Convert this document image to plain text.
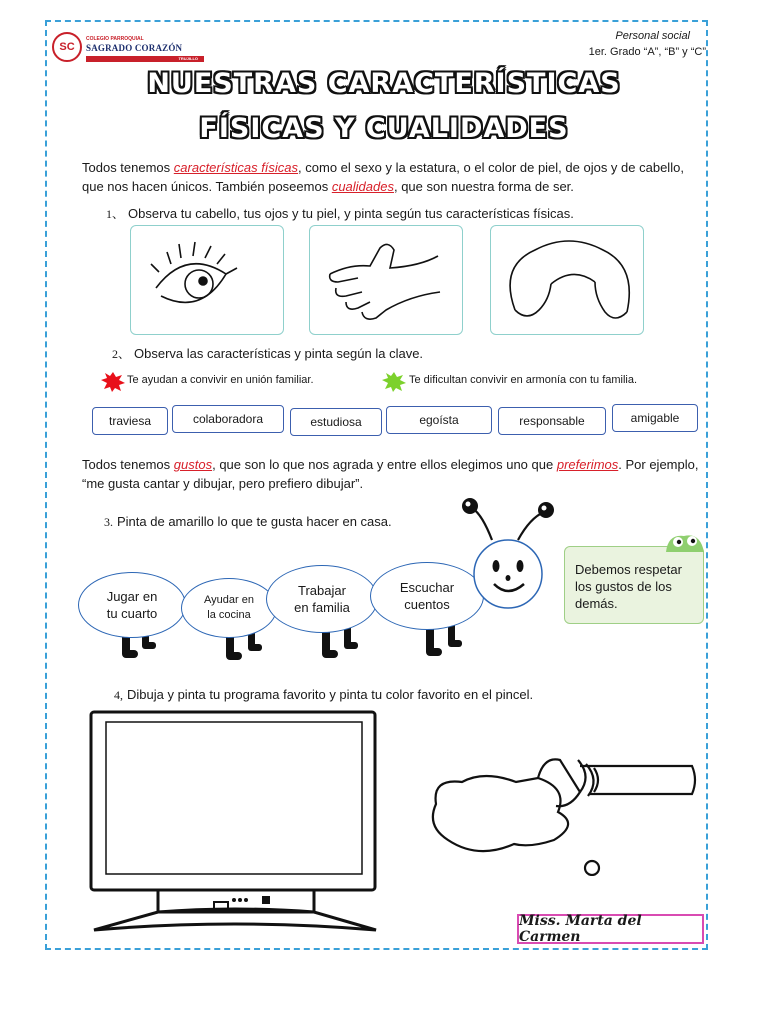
SC
COLEGIO PARROQUIAL
SAGRADO CORAZÓN
TRUJILLO
Personal social
1er. Grado “A”, “B” y “C”
NUESTRAS CARACTERÍSTICAS
FÍSICAS Y CUALIDADES
Todos tenemos características físicas, como el sexo y la estatura, o el color de piel, de ojos y de cabello, que nos hacen únicos. También poseemos cualidades, que son nuestra forma de ser.
1、 Observa tu cabello, tus ojos y tu piel, y pinta según tus características físicas.
2、 Observa las características y pinta según la clave.
Te ayudan a convivir en unión familiar.	Te dificultan convivir en armonía con tu familia.
traviesa	colaboradora	estudiosa	egoísta	responsable	amigable
Todos tenemos gustos, que son lo que nos agrada y entre ellos elegimos uno que preferimos. Por ejemplo, “me gusta cantar y dibujar, pero prefiero dibujar”.
3. Pinta de amarillo lo que te gusta hacer en casa.
Jugar en
tu cuarto
Ayudar en
la cocina
Trabajar
en familia
Escuchar
cuentos
Debemos respetar los gustos de los demás.
4, Dibuja y pinta tu programa favorito y pinta tu color favorito en el pincel.
Miss. Marta del Carmen
